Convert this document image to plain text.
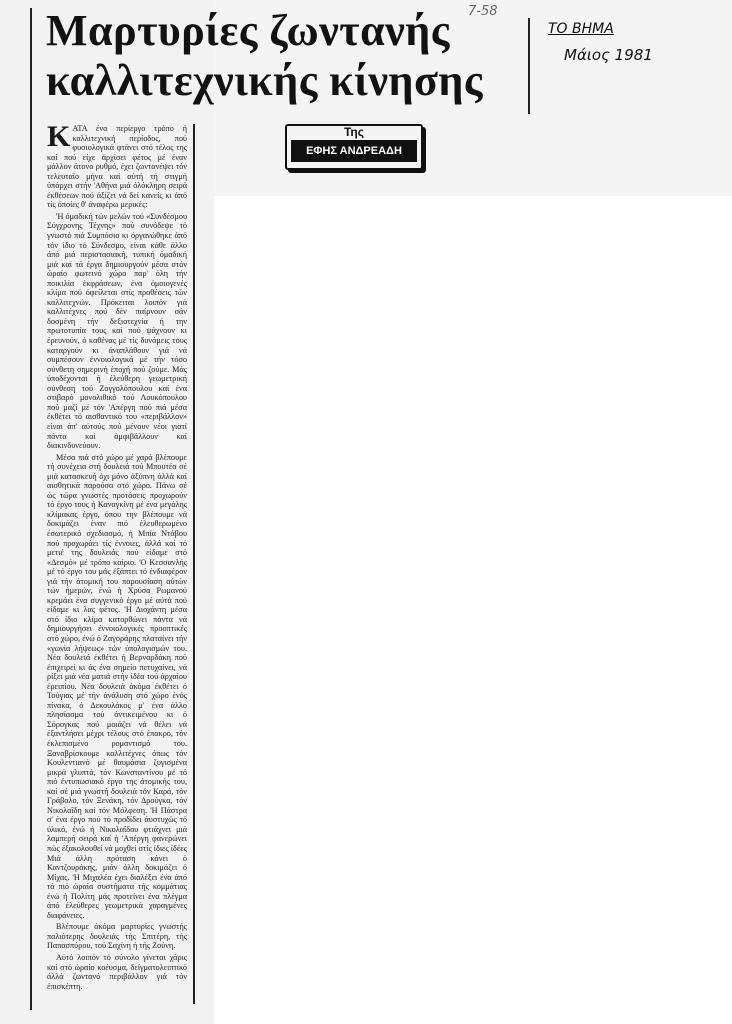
7-58
Μαρτυρίες ζωντανής
καλλιτεχνικής κίνησης
ΤΟ ΒΗΜΑ
Μάιος 1981
Της
ΕΦΗΣ ΑΝΔΡΕΑΔΗ

ΚΑΤΑ ένα περίεργο τρόπο ή καλλιτεχνική περίοδος, πού φυσιολογικά φτάνει στό τέλος της καί πού είχε άρχίσει φέτος μέ έναν μάλλον άτονο ρυθμό, έχει ζωντανέψει τόν τελευταίο μήνα καί αύτή τή στιγμή ύπάρχει στήν 'Αθήνα μιά όλόκληρη σειρά έκθέσεων πού άξίζει νά δεί κανείς κι άπό τίς όποίες θ' άναφέρω μερικές:

'Η όμαδική τών μελών τού «Συνδέσμου Σύγχρονης Τέχνης» πού συνόδεψε τό γνωστό πιά Συμπόσιο κι όργανώθηκε άπό τόν ίδιο τό Σύνδεσμο, είναι κάθε άλλο άπό μιά περιστασιακή, τυπική όμαδική μιά καί τά έργα δημιουργούν μέσα στόν ώραίο φωτεινό χώρο παρ' όλη τήν ποικιλία έκφράσεων, ένα όμοιογενές κλίμα πού όφείλεται στίς προθέσεις τών καλλιτεχνών. Πρόκειται λοιπόν γιά καλλιτέχνες πού δέν παίρνουν σάν δοσμένη τήν δεξιοτεχνία ή την πρωτοτυπία τους καί πού ψάχνουν κι έρευνούν, ό καθένας μέ τίς δυνάμεις τους καταργούν κι άναπλάθουν γιά νά συμπέσουν έννοιολογικά μέ τήν τόσο σύνθετη σημερινή έποχή πού ζούμε. Μάς ύποδέχονται ή έλεύθερη γεωμετρική σύνθεση τού Ζογγολόπουλου καί ένα στιβαρό μονολιθικό τού Λουκόπουλου πού μαζί μέ τόν 'Απέργη πού πιά μέσα έκθέτει τό αισθαντικό του «περιβάλλον» είναι άπ' αύτούς πού μένουν νέοι γιατί πάντα καί άμφιβάλλουν καί διακινδυνεύουν.

Μέσα πιά στό χώρο μέ χαρά βλέπουμε τή συνέχεια στή δουλειά τού Μπουτέα σέ μιά κατασκευή όχι μόνο άξύπνη άλλά καί αισθητικά παρούσα στό χώρο. Πάνω σέ ώς τώρα γνωστές προτάσεις προχωρούν τό έργο τους ή Καναγκίνη μέ ένα μεγάλης κλίμακας έργο, όπου την βλέπουμε νά δοκιμάζει έναν πιό έλευθερωμένο έσωτερικό σχεδιασμό, ή Μπία Ντάβου πού προχωράει τίς έννοιες, άλλά καί τό μετιέ της δουλειάς πού είδαμε στό «Δεσμό» μέ τρόπο καίριο. 'Ο Κεσσανλής μέ τό έργο του μάς έξάπτει τό ένδιαφέρον γιά τήν άτομική του παρουσίαση αύτών τών ήμερών, ένώ ή Χρύσα Ρωμανού κρεμάει ένα συγγενικό έργο μέ αύτά πού είδαμε κι λας φέτος. 'Η Διοχάντη μέσα στό ίδιο κλίμα κατορθώνει πάντα νά δημιουργήσει έννοιολογικές προοπτικές στό χώρο, ένώ ό Ζαγοράρης πλαταίνει τήν «γωνία λήψεως» τών ύπολογισμών του. Νέα δουλειά έκθέτει ή Βερναρδάκη πού έπιχειρεί κι άς ένα σημείο πετυχαίνει, νά ρίξει μιά νέα ματιά στήν ίδέα τού άρχαίου έρειπίου. Νέα δουλειά άκόμα έκθέτει ό Τούγιας μέ τήν άνάλυση στό χώρο ένός πίνακα, ό Δεκουλάκος μ' ένα άλλο πλησίασμα τού άντικειμένου κι ό Σόρογκας πού μοιάζει νά θέλει νά έξαντλήσει μέχρι τέλους στό έπακρο, τόν έκλεπισμένο ρομαντισμό του. Ξαναβρίσκουμε καλλιτέχνες όπως τόν Κουλεντιανό μέ θαυμάσια ζυγισμένα μικρά γλυπτά, τόν Κωνσταντίνου μέ τό πιό έντυπωσιακό έργο της άτομικής του, καί σέ μιά γνωστή δουλειά τόν Καρά, τόν Γράβαλο, τόν Ξενάκη, τόν Δρούγκα, τόν Νικολαΐδη καί τόν Μόλφεση. 'Η Πάστρα σ' ένα έργο πού τό προδίδει άυστυχώς τό ύλικό, ένώ ή Νικολαΐδου φτιάχνει μιά λαμπερή σειρά καί ή 'Απέργη φανερώνει πώς έξακολουθεί νά μοχθεί στίς ίδιες ίδέες Μιά άλλη πρόταση κάνει ό Καντζουράκης, μιάν άλλη δοκιμάζει ό Μίχας. 'Η Μιχαλέα έχει διαλέξει ένα άπό τά πιό ώραία συστήματα τής κομμάτιας ένώ ή Πολίτη μάς προτείνει ένα πλέγμα άπό έλεύθερες γεωμετρικά χαραγμένες διαφάνειες.

Βλέπουμε άκόμα μαρτυρίες γνωστής παλιότερης δουλειάς τής Σπιτέρη, τής Παπασπύρου, τού Σαχίνη ή τής Ζούνη.

Αύτό λοιπόν τό σύνολο γίνεται χάρις καί στό ώραίο κοέυσμα, δείγματολειπτικό άλλά ζωντανό περιβάλλον γιά τόν έπισκέπτη.
